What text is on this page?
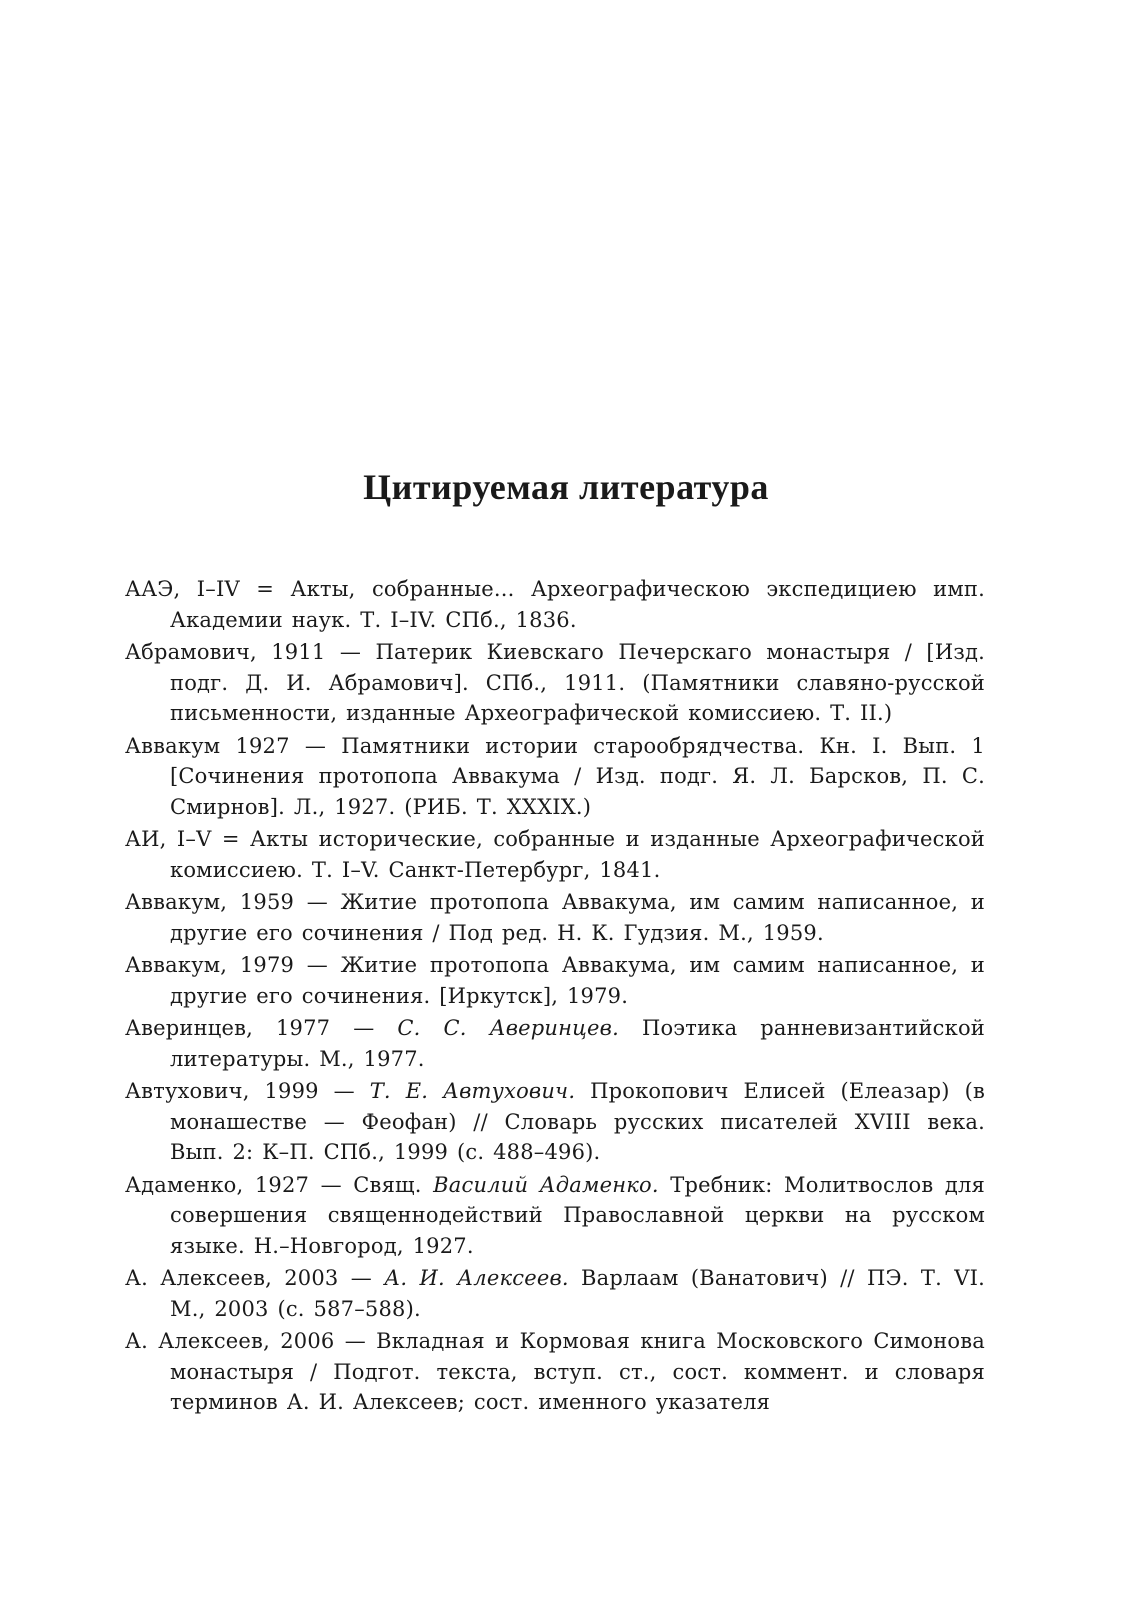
Цитируемая литература
ААЭ, I–IV = Акты, собранные... Археографическою экспедициею имп. Академии наук. Т. I–IV. СПб., 1836.
Абрамович, 1911 — Патерик Киевскаго Печерскаго монастыря / [Изд. подг. Д. И. Абрамович]. СПб., 1911. (Памятники славяно-русской письменности, изданные Археографической комиссиею. Т. II.)
Аввакум 1927 — Памятники истории старообрядчества. Кн. I. Вып. 1 [Сочинения протопопа Аввакума / Изд. подг. Я. Л. Барсков, П. С. Смирнов]. Л., 1927. (РИБ. Т. XXXIX.)
АИ, I–V = Акты исторические, собранные и изданные Археографической комиссиею. Т. I–V. Санкт-Петербург, 1841.
Аввакум, 1959 — Житие протопопа Аввакума, им самим написанное, и другие его сочинения / Под ред. Н. К. Гудзия. М., 1959.
Аввакум, 1979 — Житие протопопа Аввакума, им самим написанное, и другие его сочинения. [Иркутск], 1979.
Аверинцев, 1977 — С. С. Аверинцев. Поэтика ранневизантийской литературы. М., 1977.
Автухович, 1999 — Т. Е. Автухович. Прокопович Елисей (Елеазар) (в монашестве — Феофан) // Словарь русских писателей XVIII века. Вып. 2: К–П. СПб., 1999 (с. 488–496).
Адаменко, 1927 — Свящ. Василий Адаменко. Требник: Молитвослов для совершения священнодействий Православной церкви на русском языке. Н.–Новгород, 1927.
А. Алексеев, 2003 — А. И. Алексеев. Варлаам (Ванатович) // ПЭ. Т. VI. М., 2003 (с. 587–588).
А. Алексеев, 2006 — Вкладная и Кормовая книга Московского Симонова монастыря / Подгот. текста, вступ. ст., сост. коммент. и словаря терминов А. И. Алексеев; сост. именного указателя
